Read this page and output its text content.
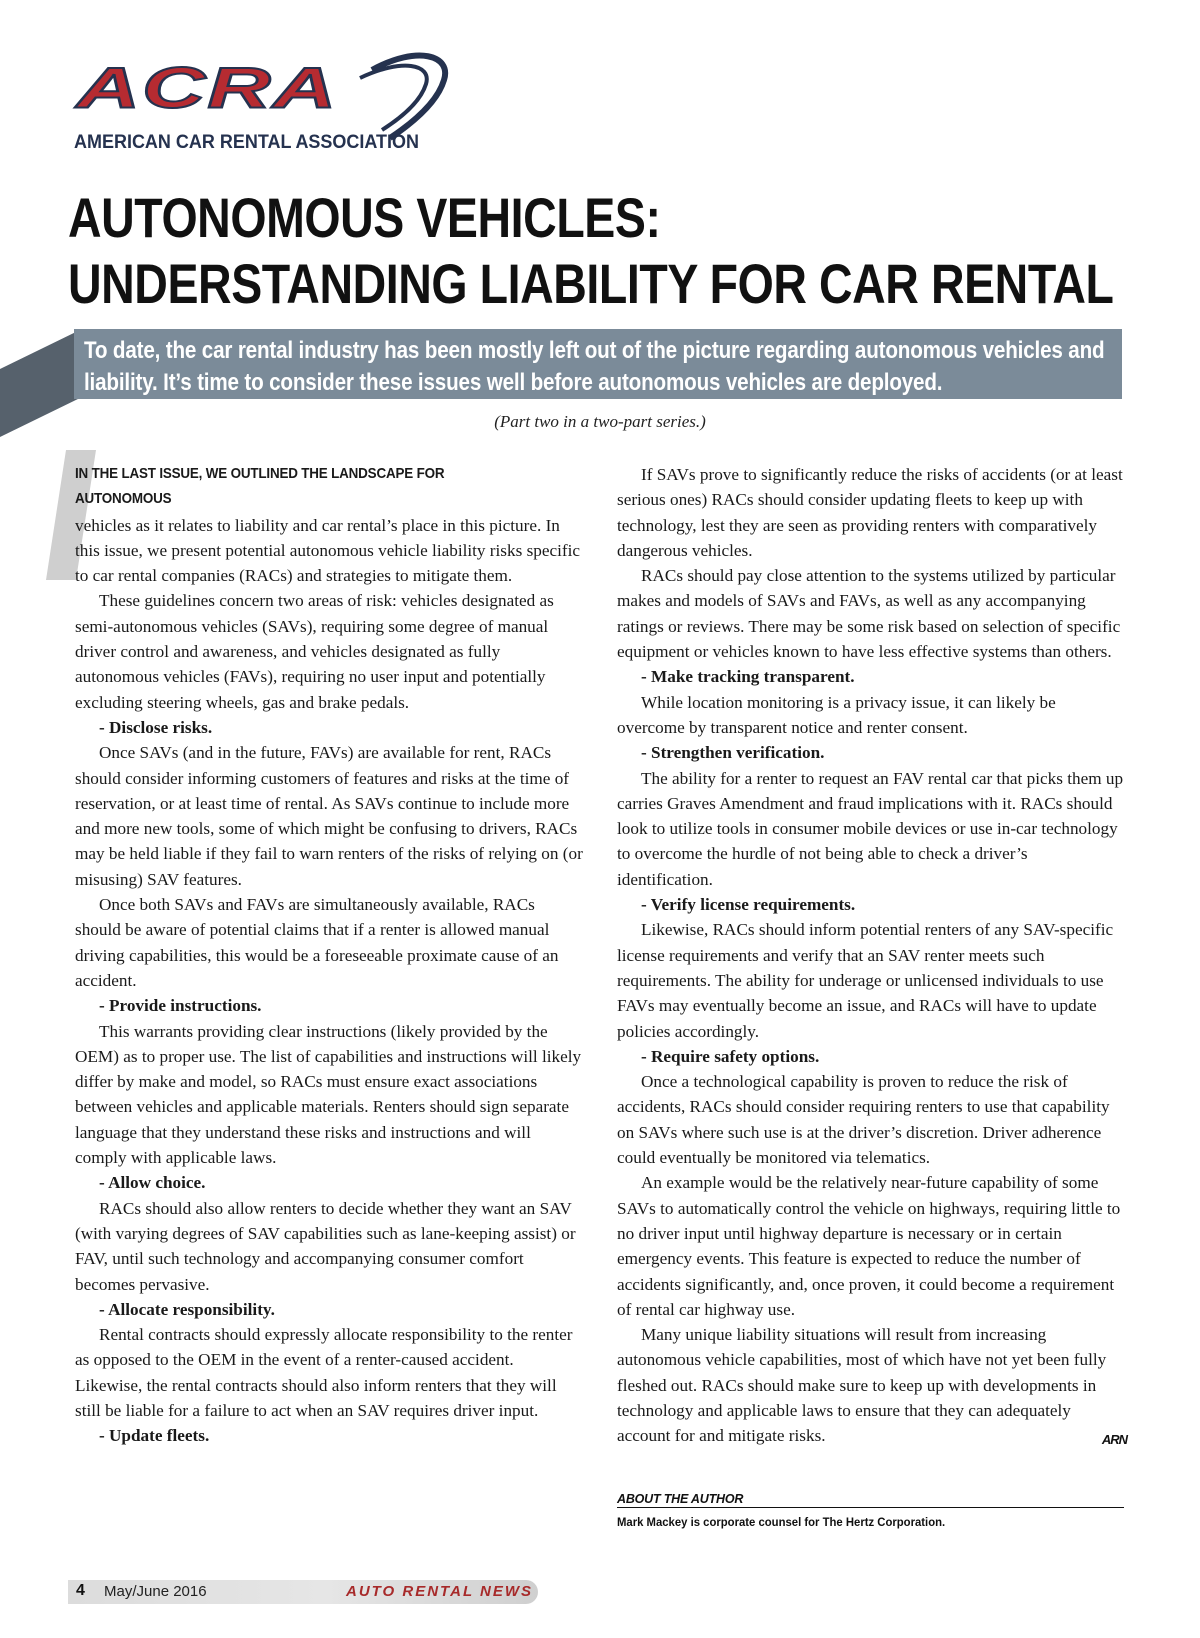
ACRA
AMERICAN CAR RENTAL ASSOCIATION
AUTONOMOUS VEHICLES:
UNDERSTANDING LIABILITY FOR CAR RENTAL
To date, the car rental industry has been mostly left out of the picture regarding autonomous vehicles and liability. It’s time to consider these issues well before autonomous vehicles are deployed.
(Part two in a two-part series.)

IN THE LAST ISSUE, WE OUTLINED THE LANDSCAPE FOR AUTONOMOUS vehicles as it relates to liability and car rental’s place in this picture. In this issue, we present potential autonomous vehicle liability risks specific to car rental companies (RACs) and strategies to mitigate them.

These guidelines concern two areas of risk: vehicles designated as semi-autonomous vehicles (SAVs), requiring some degree of manual driver control and awareness, and vehicles designated as fully autonomous vehicles (FAVs), requiring no user input and potentially excluding steering wheels, gas and brake pedals.

- Disclose risks.

Once SAVs (and in the future, FAVs) are available for rent, RACs should consider informing customers of features and risks at the time of reservation, or at least time of rental. As SAVs continue to include more and more new tools, some of which might be confusing to drivers, RACs may be held liable if they fail to warn renters of the risks of relying on (or misusing) SAV features.

Once both SAVs and FAVs are simultaneously available, RACs should be aware of potential claims that if a renter is allowed manual driving capabilities, this would be a foreseeable proximate cause of an accident.

- Provide instructions.

This warrants providing clear instructions (likely provided by the OEM) as to proper use. The list of capabilities and instructions will likely differ by make and model, so RACs must ensure exact associations between vehicles and applicable materials. Renters should sign separate language that they understand these risks and instructions and will comply with applicable laws.

- Allow choice.

RACs should also allow renters to decide whether they want an SAV (with varying degrees of SAV capabilities such as lane-keeping assist) or FAV, until such technology and accompanying consumer comfort becomes pervasive.

- Allocate responsibility.

Rental contracts should expressly allocate responsibility to the renter as opposed to the OEM in the event of a renter-caused accident. Likewise, the rental contracts should also inform renters that they will still be liable for a failure to act when an SAV requires driver input.

- Update fleets.

If SAVs prove to significantly reduce the risks of accidents (or at least serious ones) RACs should consider updating fleets to keep up with technology, lest they are seen as providing renters with comparatively dangerous vehicles.

RACs should pay close attention to the systems utilized by particular makes and models of SAVs and FAVs, as well as any accompanying ratings or reviews. There may be some risk based on selection of specific equipment or vehicles known to have less effective systems than others.

- Make tracking transparent.

While location monitoring is a privacy issue, it can likely be overcome by transparent notice and renter consent.

- Strengthen verification.

The ability for a renter to request an FAV rental car that picks them up carries Graves Amendment and fraud implications with it. RACs should look to utilize tools in consumer mobile devices or use in-car technology to overcome the hurdle of not being able to check a driver’s identification.

- Verify license requirements.

Likewise, RACs should inform potential renters of any SAV-specific license requirements and verify that an SAV renter meets such requirements. The ability for underage or unlicensed individuals to use FAVs may eventually become an issue, and RACs will have to update policies accordingly.

- Require safety options.

Once a technological capability is proven to reduce the risk of accidents, RACs should consider requiring renters to use that capability on SAVs where such use is at the driver’s discretion. Driver adherence could eventually be monitored via telematics.

An example would be the relatively near-future capability of some SAVs to automatically control the vehicle on highways, requiring little to no driver input until highway departure is necessary or in certain emergency events. This feature is expected to reduce the number of accidents significantly, and, once proven, it could become a requirement of rental car highway use.

Many unique liability situations will result from increasing autonomous vehicle capabilities, most of which have not yet been fully fleshed out. RACs should make sure to keep up with developments in technology and applicable laws to ensure that they can adequately account for and mitigate risks.	ARN

ABOUT THE AUTHOR
Mark Mackey is corporate counsel for The Hertz Corporation.
4 May/June 2016	AUTO RENTAL NEWS
